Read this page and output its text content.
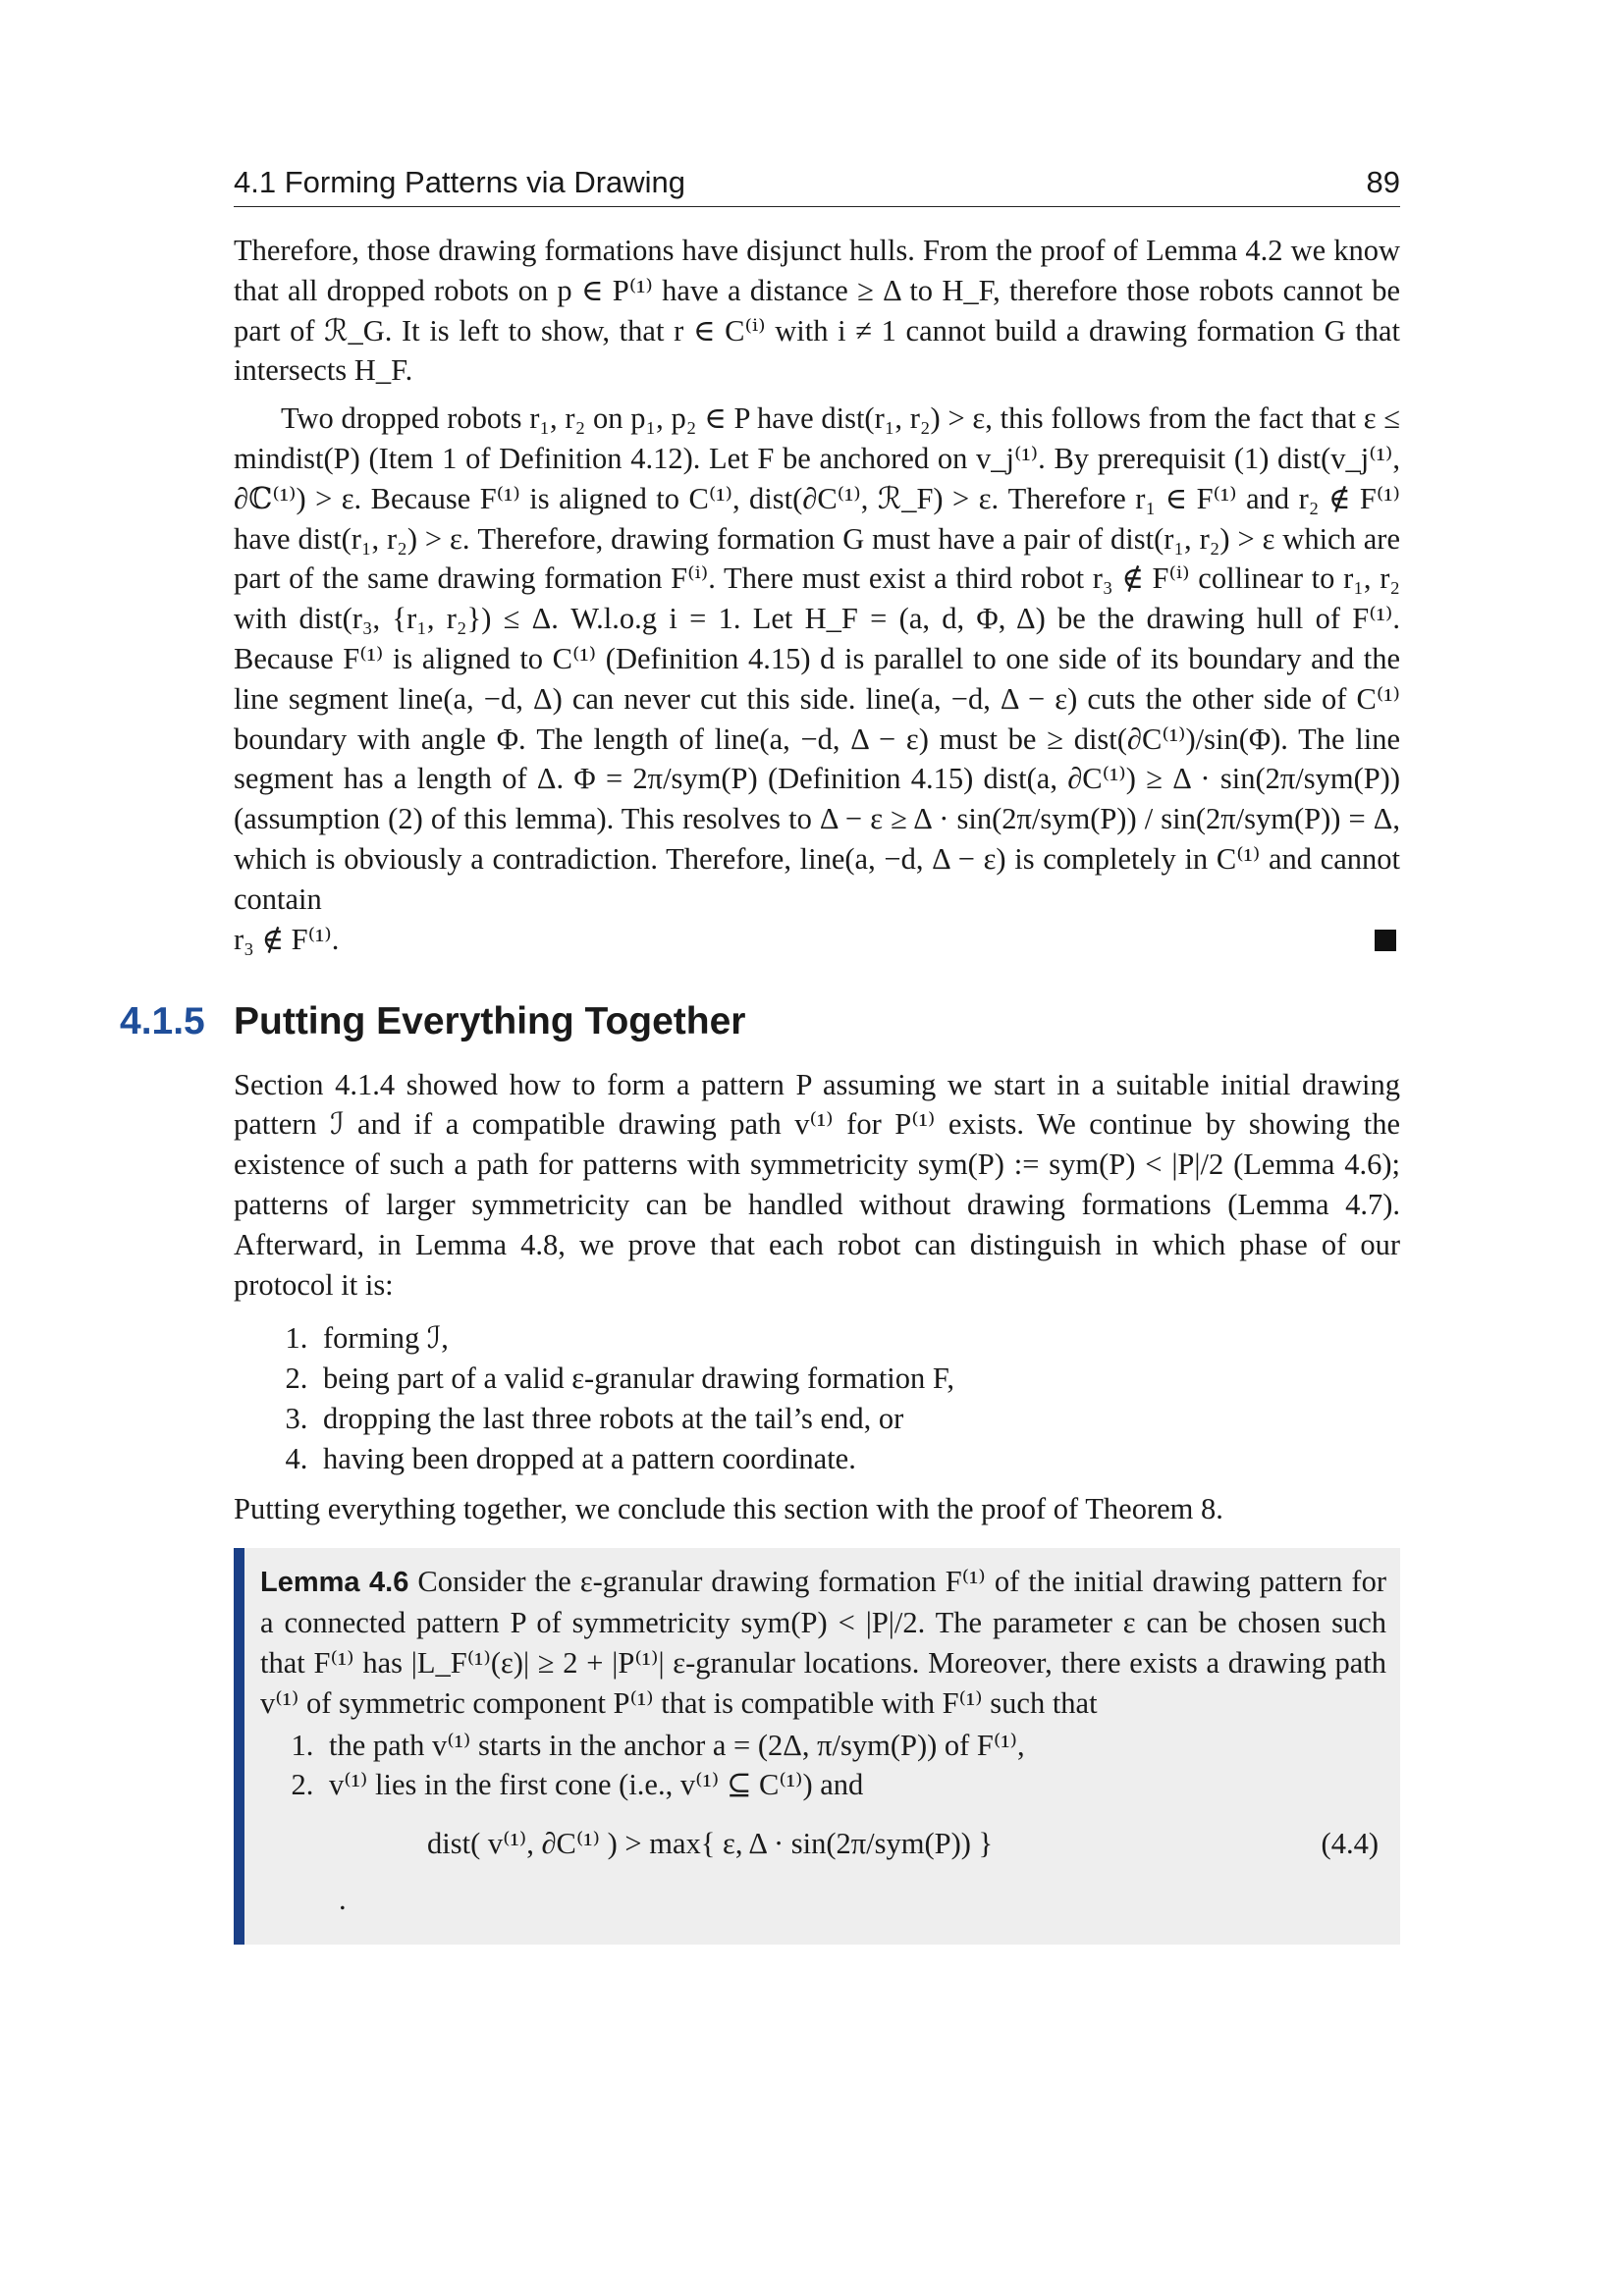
4.1 Forming Patterns via Drawing	89

Therefore, those drawing formations have disjunct hulls. From the proof of Lemma 4.2 we know that all dropped robots on p ∈ P⁽¹⁾ have a distance ≥ Δ to H_F, therefore those robots cannot be part of ℛ_G. It is left to show, that r ∈ C⁽ⁱ⁾ with i ≠ 1 cannot build a drawing formation G that intersects H_F.

Two dropped robots r₁, r₂ on p₁, p₂ ∈ P have dist(r₁, r₂) > ε, this follows from the fact that ε ≤ mindist(P) (Item 1 of Definition 4.12). Let F be anchored on v_j⁽¹⁾. By prerequisit (1) dist(v_j⁽¹⁾, ∂ℂ⁽¹⁾) > ε. Because F⁽¹⁾ is aligned to C⁽¹⁾, dist(∂C⁽¹⁾, ℛ_F) > ε. Therefore r₁ ∈ F⁽¹⁾ and r₂ ∉ F⁽¹⁾ have dist(r₁, r₂) > ε. Therefore, drawing formation G must have a pair of dist(r₁, r₂) > ε which are part of the same drawing formation F⁽ⁱ⁾. There must exist a third robot r₃ ∉ F⁽ⁱ⁾ collinear to r₁, r₂ with dist(r₃, {r₁, r₂}) ≤ Δ. W.l.o.g i = 1. Let H_F = (a, d, Φ, Δ) be the drawing hull of F⁽¹⁾. Because F⁽¹⁾ is aligned to C⁽¹⁾ (Definition 4.15) d is parallel to one side of its boundary and the line segment line(a, −d, Δ) can never cut this side. line(a, −d, Δ − ε) cuts the other side of C⁽¹⁾ boundary with angle Φ. The length of line(a, −d, Δ − ε) must be ≥ dist(∂C⁽¹⁾)/sin(Φ). The line segment has a length of Δ. Φ = 2π/sym(P) (Definition 4.15) dist(a, ∂C⁽¹⁾) ≥ Δ · sin(2π/sym(P)) (assumption (2) of this lemma). This resolves to Δ − ε ≥ Δ · sin(2π/sym(P)) / sin(2π/sym(P)) = Δ, which is obviously a contradiction. Therefore, line(a, −d, Δ − ε) is completely in C⁽¹⁾ and cannot contain
r₃ ∉ F⁽¹⁾.
4.1.5 Putting Everything Together

Section 4.1.4 showed how to form a pattern P assuming we start in a suitable initial drawing pattern ℐ and if a compatible drawing path v⁽¹⁾ for P⁽¹⁾ exists. We continue by showing the existence of such a path for patterns with symmetricity sym(P) := sym(P) < |P|/2 (Lemma 4.6); patterns of larger symmetricity can be handled without drawing formations (Lemma 4.7). Afterward, in Lemma 4.8, we prove that each robot can distinguish in which phase of our protocol it is:

1. forming ℐ,
2. being part of a valid ε-granular drawing formation F,
3. dropping the last three robots at the tail’s end, or
4. having been dropped at a pattern coordinate.

Putting everything together, we conclude this section with the proof of Theorem 8.

Lemma 4.6 Consider the ε-granular drawing formation F⁽¹⁾ of the initial drawing pattern for a connected pattern P of symmetricity sym(P) < |P|/2. The parameter ε can be chosen such that F⁽¹⁾ has |L_F⁽¹⁾(ε)| ≥ 2 + |P⁽¹⁾| ε-granular locations. Moreover, there exists a drawing path v⁽¹⁾ of symmetric component P⁽¹⁾ that is compatible with F⁽¹⁾ such that

1. the path v⁽¹⁾ starts in the anchor a = (2Δ, π/sym(P)) of F⁽¹⁾,
2. v⁽¹⁾ lies in the first cone (i.e., v⁽¹⁾ ⊆ C⁽¹⁾) and
dist( v⁽¹⁾, ∂C⁽¹⁾ ) > max{ ε, Δ · sin(2π/sym(P)) }	(4.4)
.
